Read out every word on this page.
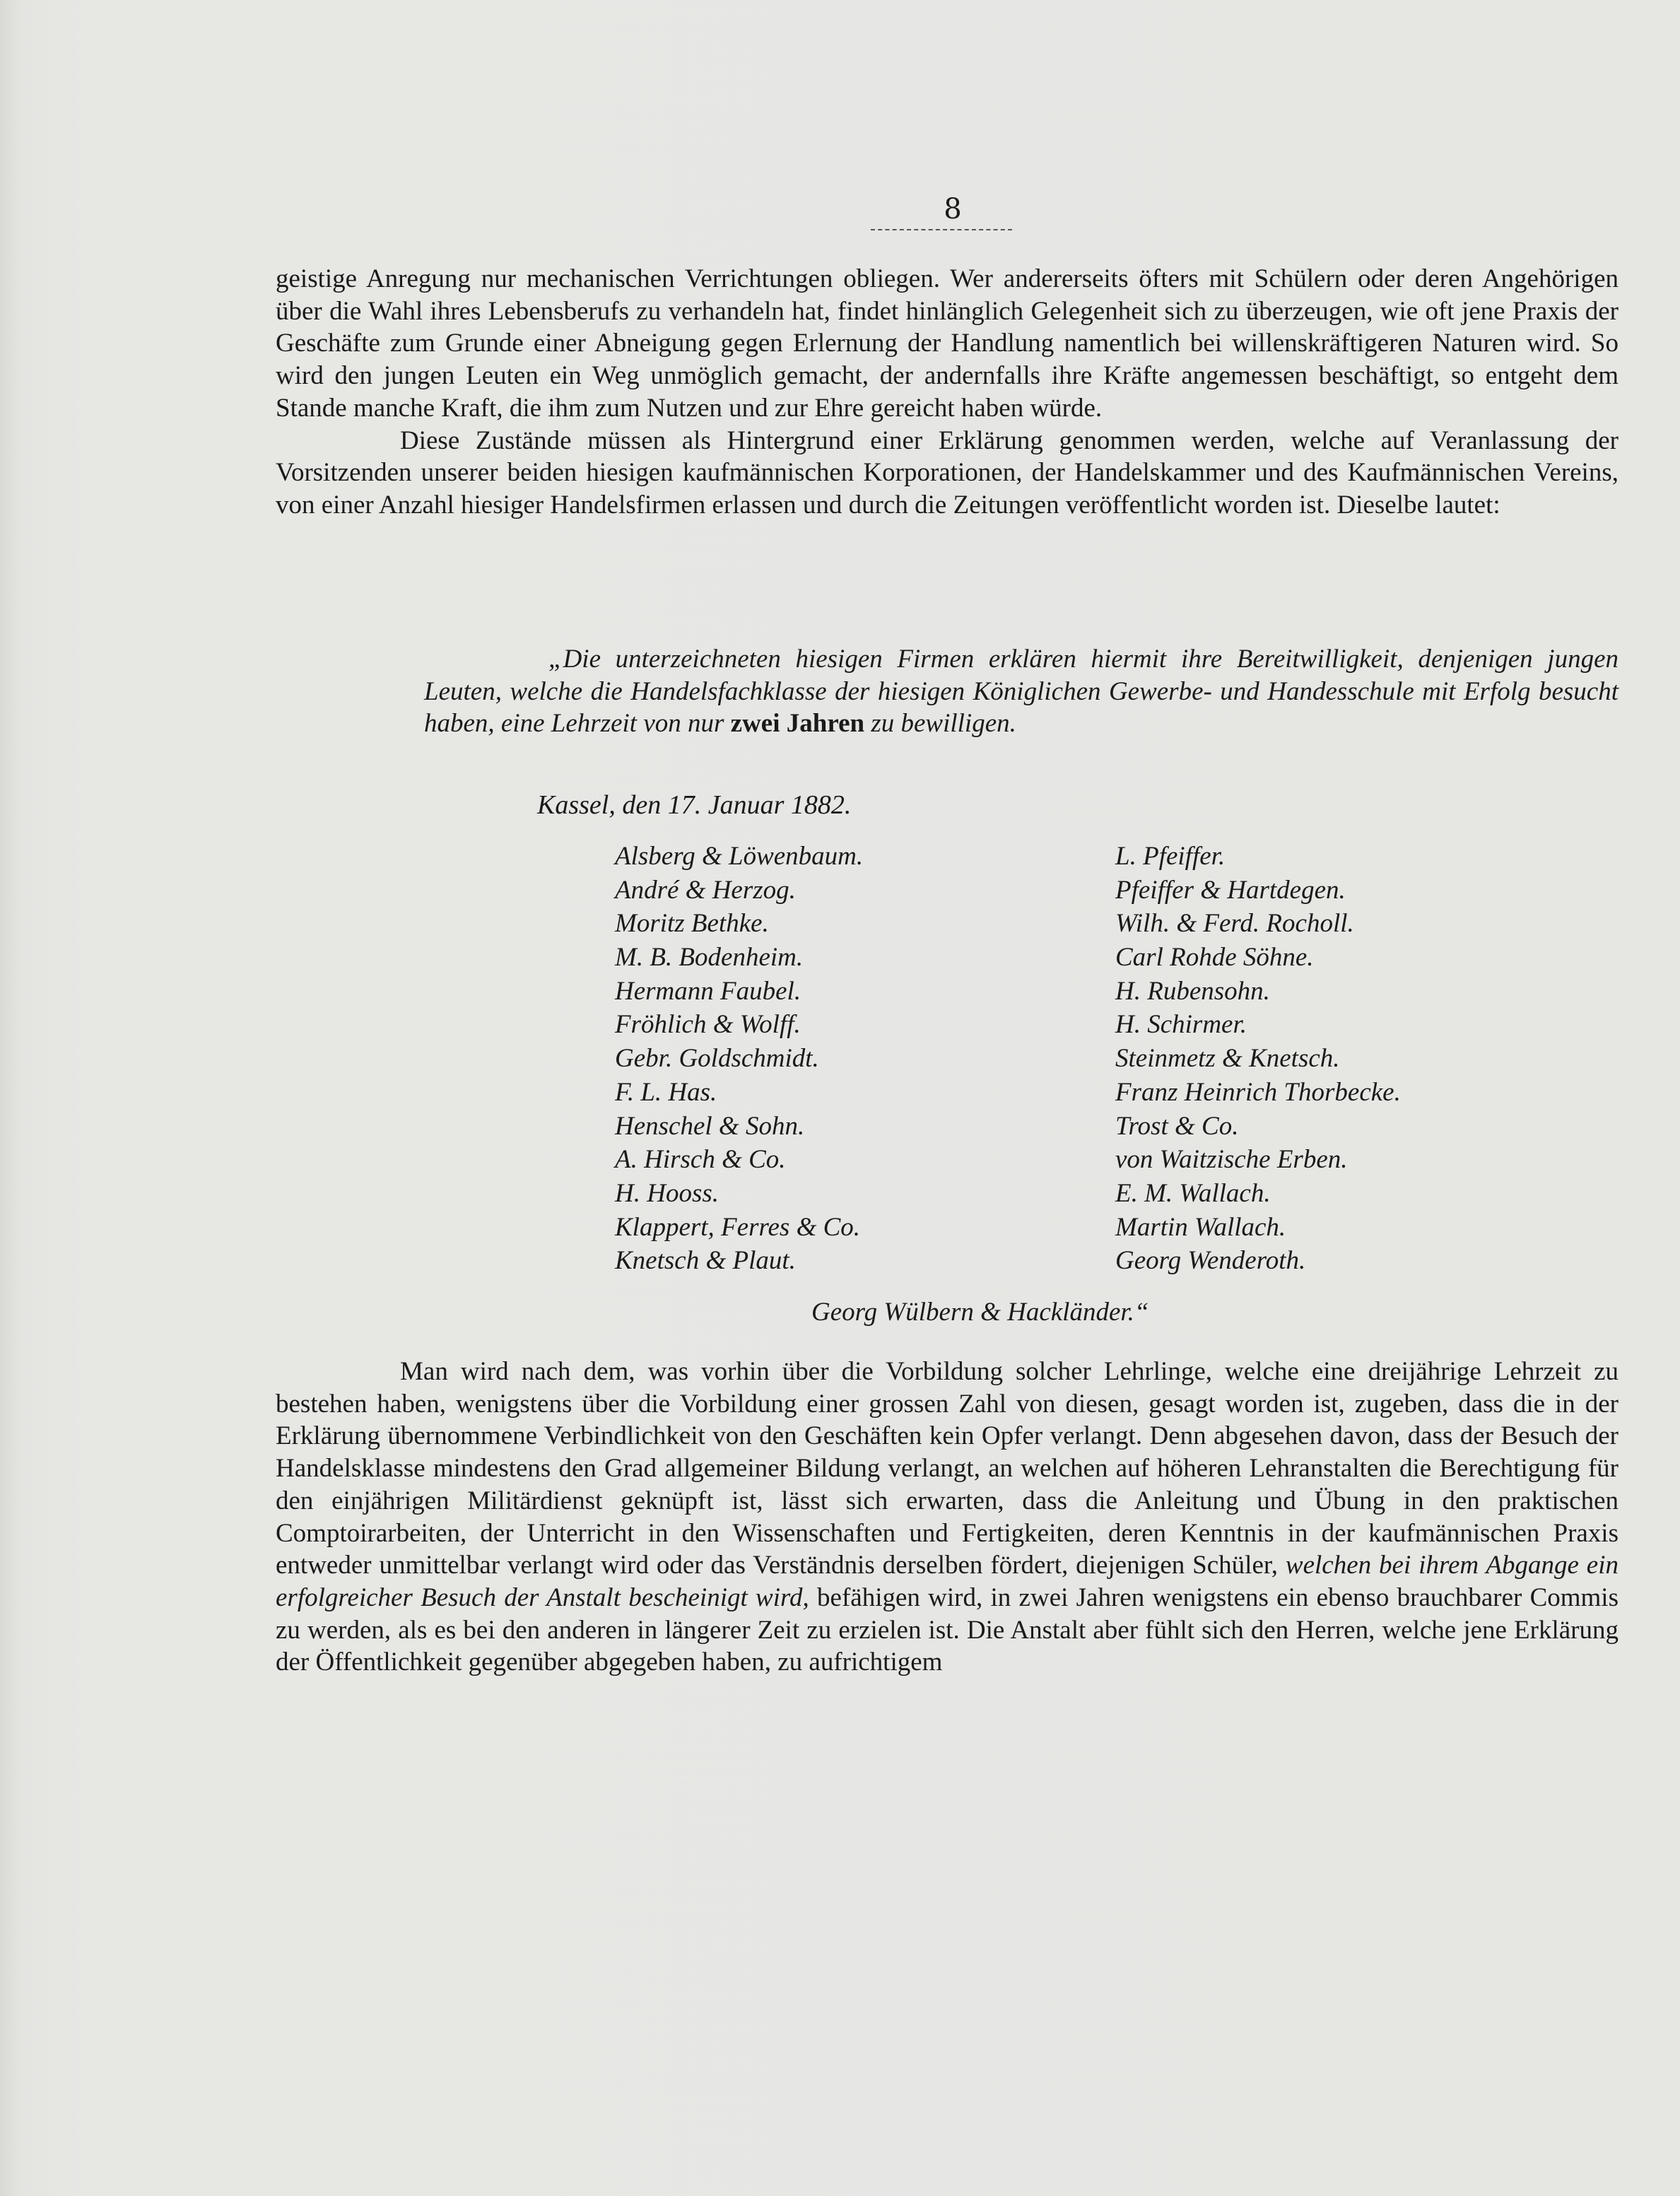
8

geistige Anregung nur mechanischen Verrichtungen obliegen. Wer andererseits öfters mit Schülern oder deren Angehörigen über die Wahl ihres Lebensberufs zu verhandeln hat, findet hinlänglich Gelegenheit sich zu überzeugen, wie oft jene Praxis der Geschäfte zum Grunde einer Abneigung gegen Erlernung der Handlung namentlich bei willenskräftigeren Naturen wird. So wird den jungen Leuten ein Weg unmöglich gemacht, der andernfalls ihre Kräfte angemessen beschäftigt, so entgeht dem Stande manche Kraft, die ihm zum Nutzen und zur Ehre gereicht haben würde.

Diese Zustände müssen als Hintergrund einer Erklärung genommen werden, welche auf Veranlassung der Vorsitzenden unserer beiden hiesigen kaufmännischen Korporationen, der Handelskammer und des Kaufmännischen Vereins, von einer Anzahl hiesiger Handelsfirmen erlassen und durch die Zeitungen veröffentlicht worden ist. Dieselbe lautet:

„Die unterzeichneten hiesigen Firmen erklären hiermit ihre Bereitwilligkeit, denjenigen jungen Leuten, welche die Handelsfachklasse der hiesigen Königlichen Gewerbe- und Handesschule mit Erfolg besucht haben, eine Lehrzeit von nur zwei Jahren zu bewilligen.
Kassel, den 17. Januar 1882.
Alsberg & Löwenbaum.
André & Herzog.
Moritz Bethke.
M. B. Bodenheim.
Hermann Faubel.
Fröhlich & Wolff.
Gebr. Goldschmidt.
F. L. Has.
Henschel & Sohn.
A. Hirsch & Co.
H. Hooss.
Klappert, Ferres & Co.
Knetsch & Plaut.
L. Pfeiffer.
Pfeiffer & Hartdegen.
Wilh. & Ferd. Rocholl.
Carl Rohde Söhne.
H. Rubensohn.
H. Schirmer.
Steinmetz & Knetsch.
Franz Heinrich Thorbecke.
Trost & Co.
von Waitzische Erben.
E. M. Wallach.
Martin Wallach.
Georg Wenderoth.
Georg Wülbern & Hackländer.“

Man wird nach dem, was vorhin über die Vorbildung solcher Lehrlinge, welche eine dreijährige Lehrzeit zu bestehen haben, wenigstens über die Vorbildung einer grossen Zahl von diesen, gesagt worden ist, zugeben, dass die in der Erklärung übernommene Verbindlichkeit von den Geschäften kein Opfer verlangt. Denn abgesehen davon, dass der Besuch der Handelsklasse mindestens den Grad allgemeiner Bildung verlangt, an welchen auf höheren Lehranstalten die Berechtigung für den einjährigen Militärdienst geknüpft ist, lässt sich erwarten, dass die Anleitung und Übung in den praktischen Comptoirarbeiten, der Unterricht in den Wissenschaften und Fertigkeiten, deren Kenntnis in der kaufmännischen Praxis entweder unmittelbar verlangt wird oder das Verständnis derselben fördert, diejenigen Schüler, welchen bei ihrem Abgange ein erfolgreicher Besuch der Anstalt bescheinigt wird, befähigen wird, in zwei Jahren wenigstens ein ebenso brauchbarer Commis zu werden, als es bei den anderen in längerer Zeit zu erzielen ist. Die Anstalt aber fühlt sich den Herren, welche jene Erklärung der Öffentlichkeit gegenüber abgegeben haben, zu aufrichtigem
